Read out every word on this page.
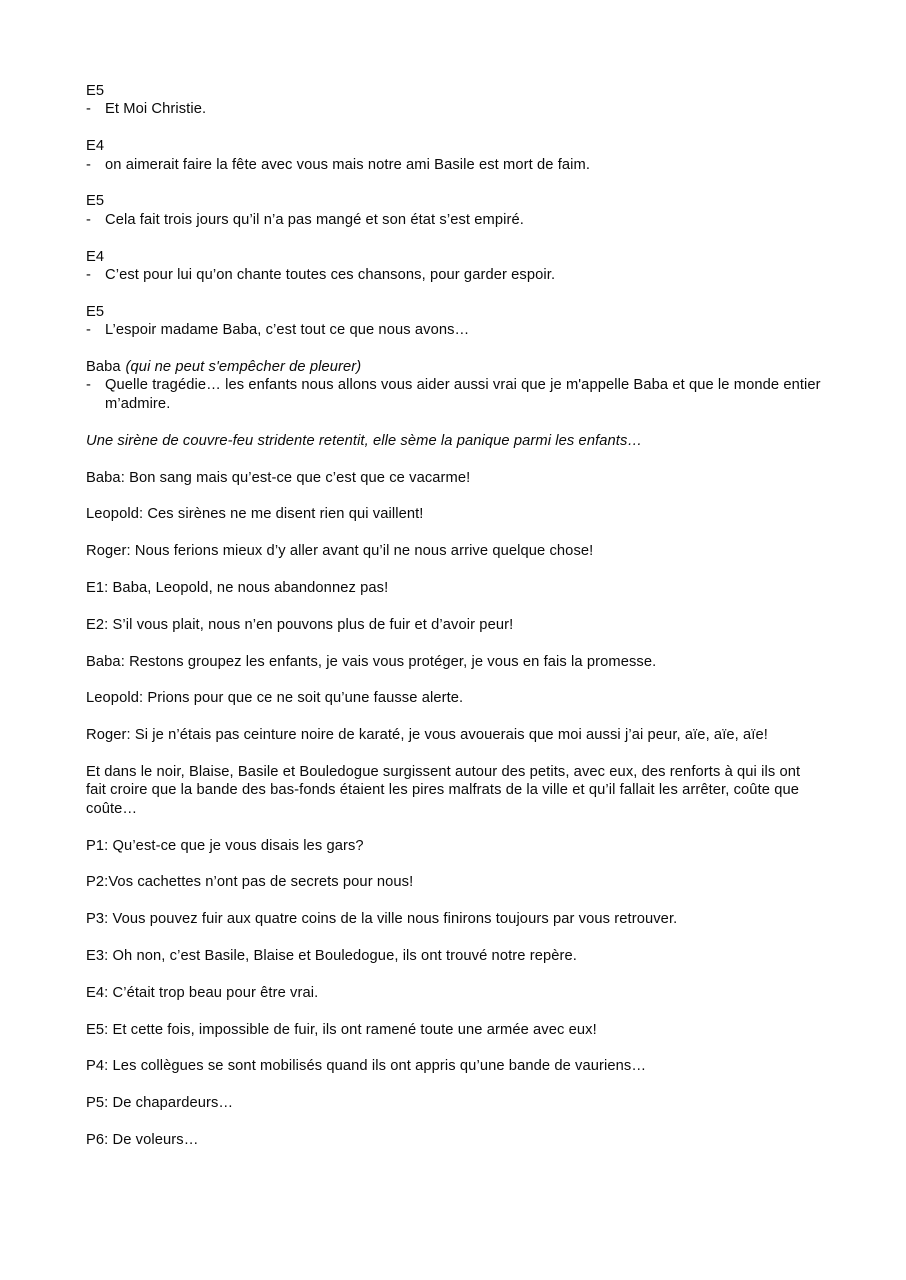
E5
- Et Moi Christie.
E4
- on aimerait faire la fête avec vous mais notre ami Basile est mort de faim.
E5
- Cela fait trois jours qu’il n’a pas mangé et son état s’est empiré.
E4
- C’est pour lui qu’on chante toutes ces chansons, pour garder espoir.
E5
- L’espoir madame Baba, c’est tout ce que nous avons…
Baba (qui ne peut s'empêcher de pleurer)
- Quelle tragédie… les enfants nous allons vous aider aussi vrai que je m'appelle Baba et que le monde entier m’admire.

Une sirène de couvre-feu stridente retentit, elle sème la panique parmi les enfants…

Baba: Bon sang mais qu’est-ce que c’est que ce vacarme!

Leopold: Ces sirènes ne me disent rien qui vaillent!

Roger: Nous ferions mieux d’y aller avant qu’il ne nous arrive quelque chose!

E1: Baba, Leopold, ne nous abandonnez pas!

E2: S’il vous plait, nous n’en pouvons plus de fuir et d’avoir peur!

Baba: Restons groupez les enfants, je vais vous protéger, je vous en fais la promesse.

Leopold: Prions pour que ce ne soit qu’une fausse alerte.

Roger: Si je n’étais pas ceinture noire de karaté, je vous avouerais que moi aussi j’ai peur, aïe, aïe, aïe!

Et dans le noir, Blaise, Basile et Bouledogue surgissent autour des petits, avec eux, des renforts à qui ils ont fait croire que la bande des bas-fonds étaient les pires malfrats de la ville et qu’il fallait les arrêter, coûte que coûte…

P1: Qu’est-ce que je vous disais les gars?

P2:Vos cachettes n’ont pas de secrets pour nous!

P3: Vous pouvez fuir aux quatre coins de la ville nous finirons toujours par vous retrouver.

E3: Oh non, c’est Basile, Blaise et Bouledogue, ils ont trouvé notre repère.

E4: C’était trop beau pour être vrai.

E5: Et cette fois, impossible de fuir, ils ont ramené toute une armée avec eux!

P4: Les collègues se sont mobilisés quand ils ont appris qu’une bande de vauriens…

P5: De chapardeurs…

P6: De voleurs…
